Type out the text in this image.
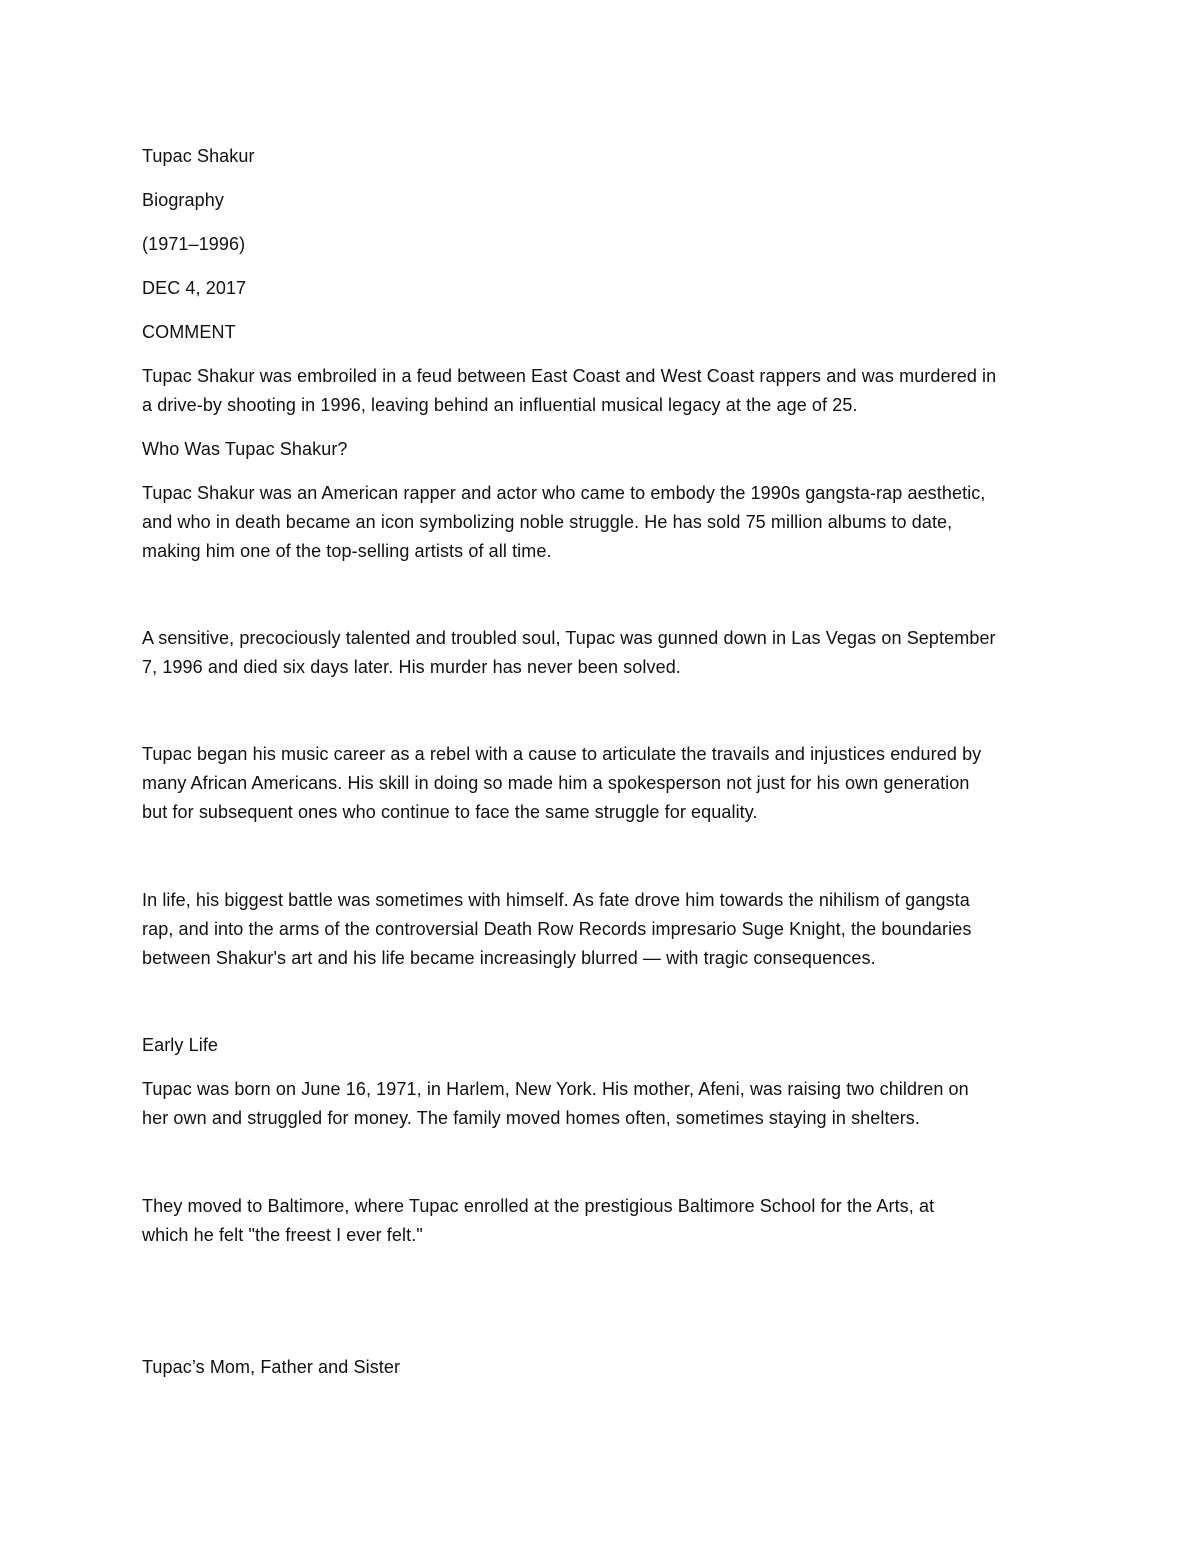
Tupac Shakur
Biography
(1971–1996)
DEC 4, 2017
COMMENT
Tupac Shakur was embroiled in a feud between East Coast and West Coast rappers and was murdered in
a drive-by shooting in 1996, leaving behind an influential musical legacy at the age of 25.
Who Was Tupac Shakur?
Tupac Shakur was an American rapper and actor who came to embody the 1990s gangsta-rap aesthetic,
and who in death became an icon symbolizing noble struggle. He has sold 75 million albums to date,
making him one of the top-selling artists of all time.
A sensitive, precociously talented and troubled soul, Tupac was gunned down in Las Vegas on September
7, 1996 and died six days later. His murder has never been solved.
Tupac began his music career as a rebel with a cause to articulate the travails and injustices endured by
many African Americans. His skill in doing so made him a spokesperson not just for his own generation
but for subsequent ones who continue to face the same struggle for equality.
In life, his biggest battle was sometimes with himself. As fate drove him towards the nihilism of gangsta
rap, and into the arms of the controversial Death Row Records impresario Suge Knight, the boundaries
between Shakur's art and his life became increasingly blurred — with tragic consequences.
Early Life
Tupac was born on June 16, 1971, in Harlem, New York. His mother, Afeni, was raising two children on
her own and struggled for money. The family moved homes often, sometimes staying in shelters.
They moved to Baltimore, where Tupac enrolled at the prestigious Baltimore School for the Arts, at
which he felt "the freest I ever felt."
Tupac’s Mom, Father and Sister
